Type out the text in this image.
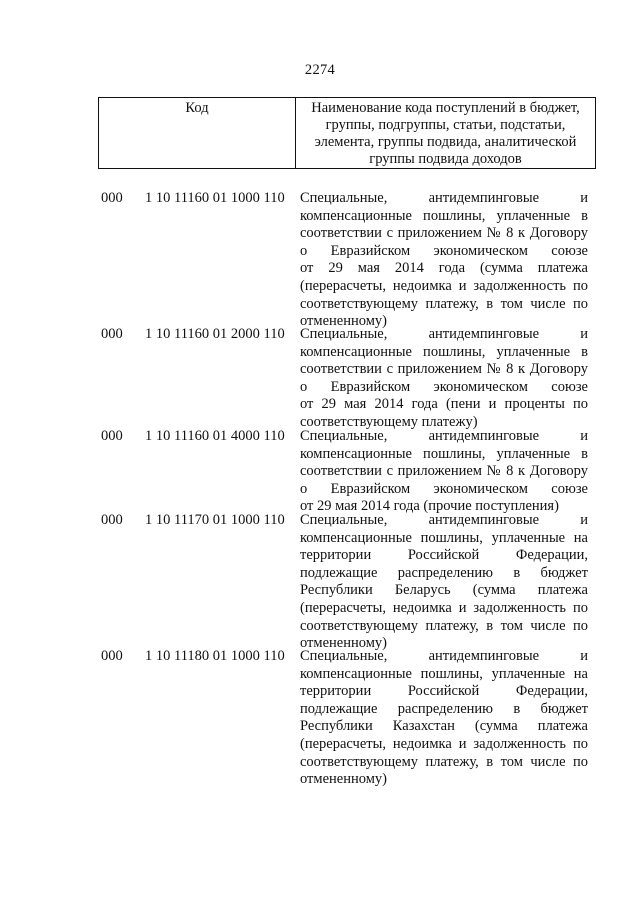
2274
Код	Наименование кода поступлений в бюджет, группы, подгруппы, статьи, подстатьи, элемента, группы подвида, аналитической группы подвида доходов
000 1 10 11160 01 1000 110 Специальные, антидемпинговые и
компенсационные пошлины, уплаченные в
соответствии с приложением № 8 к Договору
о Евразийском экономическом союзе
от 29 мая 2014 года (сумма платежа
(перерасчеты, недоимка и задолженность по
соответствующему платежу, в том числе по
отмененному)
000 1 10 11160 01 2000 110 Специальные, антидемпинговые и
компенсационные пошлины, уплаченные в
соответствии с приложением № 8 к Договору
о Евразийском экономическом союзе
от 29 мая 2014 года (пени и проценты по
соответствующему платежу)
000 1 10 11160 01 4000 110 Специальные, антидемпинговые и
компенсационные пошлины, уплаченные в
соответствии с приложением № 8 к Договору
о Евразийском экономическом союзе
от 29 мая 2014 года (прочие поступления)
000 1 10 11170 01 1000 110 Специальные, антидемпинговые и
компенсационные пошлины, уплаченные на
территории Российской Федерации,
подлежащие распределению в бюджет
Республики Беларусь (сумма платежа
(перерасчеты, недоимка и задолженность по
соответствующему платежу, в том числе по
отмененному)
000 1 10 11180 01 1000 110 Специальные, антидемпинговые и
компенсационные пошлины, уплаченные на
территории Российской Федерации,
подлежащие распределению в бюджет
Республики Казахстан (сумма платежа
(перерасчеты, недоимка и задолженность по
соответствующему платежу, в том числе по
отмененному)
